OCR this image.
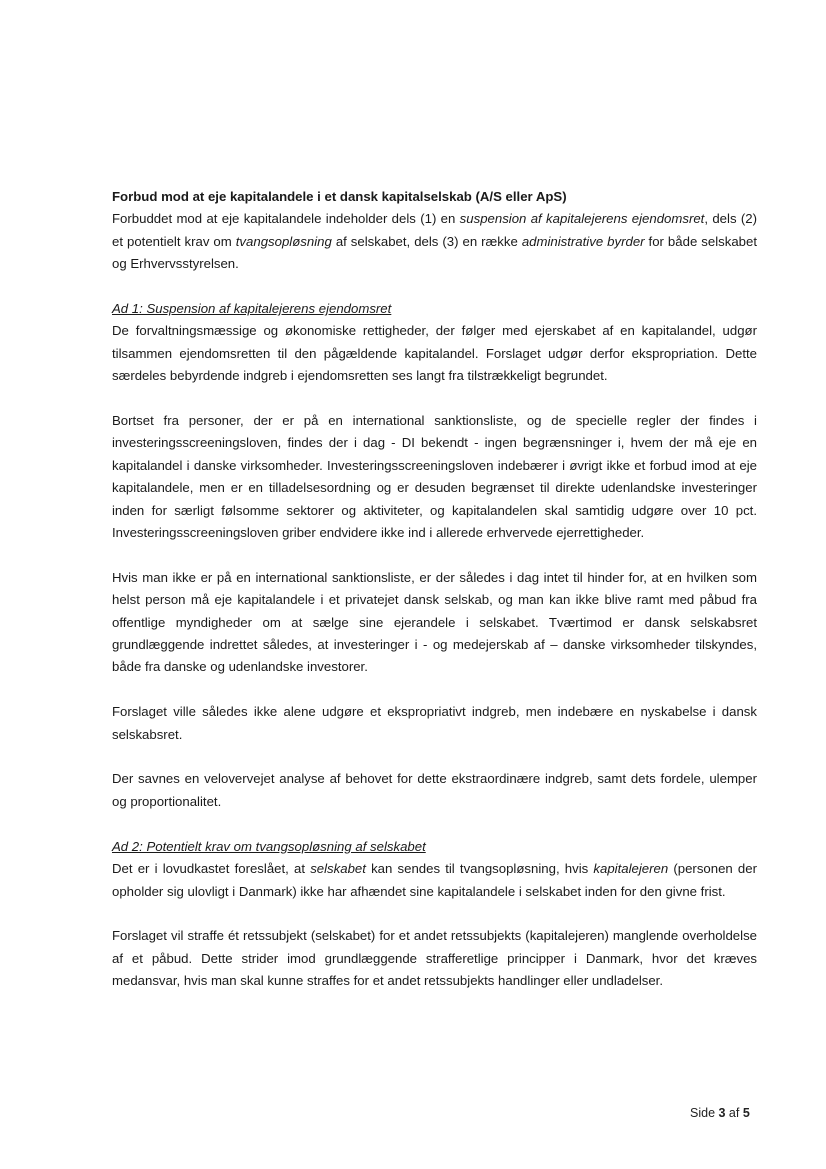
Forbud mod at eje kapitalandele i et dansk kapitalselskab (A/S eller ApS)

Forbuddet mod at eje kapitalandele indeholder dels (1) en suspension af kapitalejerens ejendomsret, dels (2) et potentielt krav om tvangsopløsning af selskabet, dels (3) en række administrative byrder for både selskabet og Erhvervsstyrelsen.

Ad 1: Suspension af kapitalejerens ejendomsret

De forvaltningsmæssige og økonomiske rettigheder, der følger med ejerskabet af en kapitalandel, udgør tilsammen ejendomsretten til den pågældende kapitalandel. Forslaget udgør derfor ekspropriation. Dette særdeles bebyrdende indgreb i ejendomsretten ses langt fra tilstrækkeligt begrundet.

Bortset fra personer, der er på en international sanktionsliste, og de specielle regler der findes i investeringsscreeningsloven, findes der i dag - DI bekendt - ingen begrænsninger i, hvem der må eje en kapitalandel i danske virksomheder. Investeringsscreeningsloven indebærer i øvrigt ikke et forbud imod at eje kapitalandele, men er en tilladelsesordning og er desuden begrænset til direkte udenlandske investeringer inden for særligt følsomme sektorer og aktiviteter, og kapitalandelen skal samtidig udgøre over 10 pct. Investeringsscreeningsloven griber endvidere ikke ind i allerede erhvervede ejerrettigheder.

Hvis man ikke er på en international sanktionsliste, er der således i dag intet til hinder for, at en hvilken som helst person må eje kapitalandele i et privatejet dansk selskab, og man kan ikke blive ramt med påbud fra offentlige myndigheder om at sælge sine ejerandele i selskabet. Tværtimod er dansk selskabsret grundlæggende indrettet således, at investeringer i - og medejerskab af – danske virksomheder tilskyndes, både fra danske og udenlandske investorer.

Forslaget ville således ikke alene udgøre et ekspropriativt indgreb, men indebære en nyskabelse i dansk selskabsret.

Der savnes en velovervejet analyse af behovet for dette ekstraordinære indgreb, samt dets fordele, ulemper og proportionalitet.

Ad 2: Potentielt krav om tvangsopløsning af selskabet

Det er i lovudkastet foreslået, at selskabet kan sendes til tvangsopløsning, hvis kapitalejeren (personen der opholder sig ulovligt i Danmark) ikke har afhændet sine kapitalandele i selskabet inden for den givne frist.

Forslaget vil straffe ét retssubjekt (selskabet) for et andet retssubjekts (kapitalejeren) manglende overholdelse af et påbud. Dette strider imod grundlæggende strafferetlige principper i Danmark, hvor det kræves medansvar, hvis man skal kunne straffes for et andet retssubjekts handlinger eller undladelser.

Side 3 af 5
